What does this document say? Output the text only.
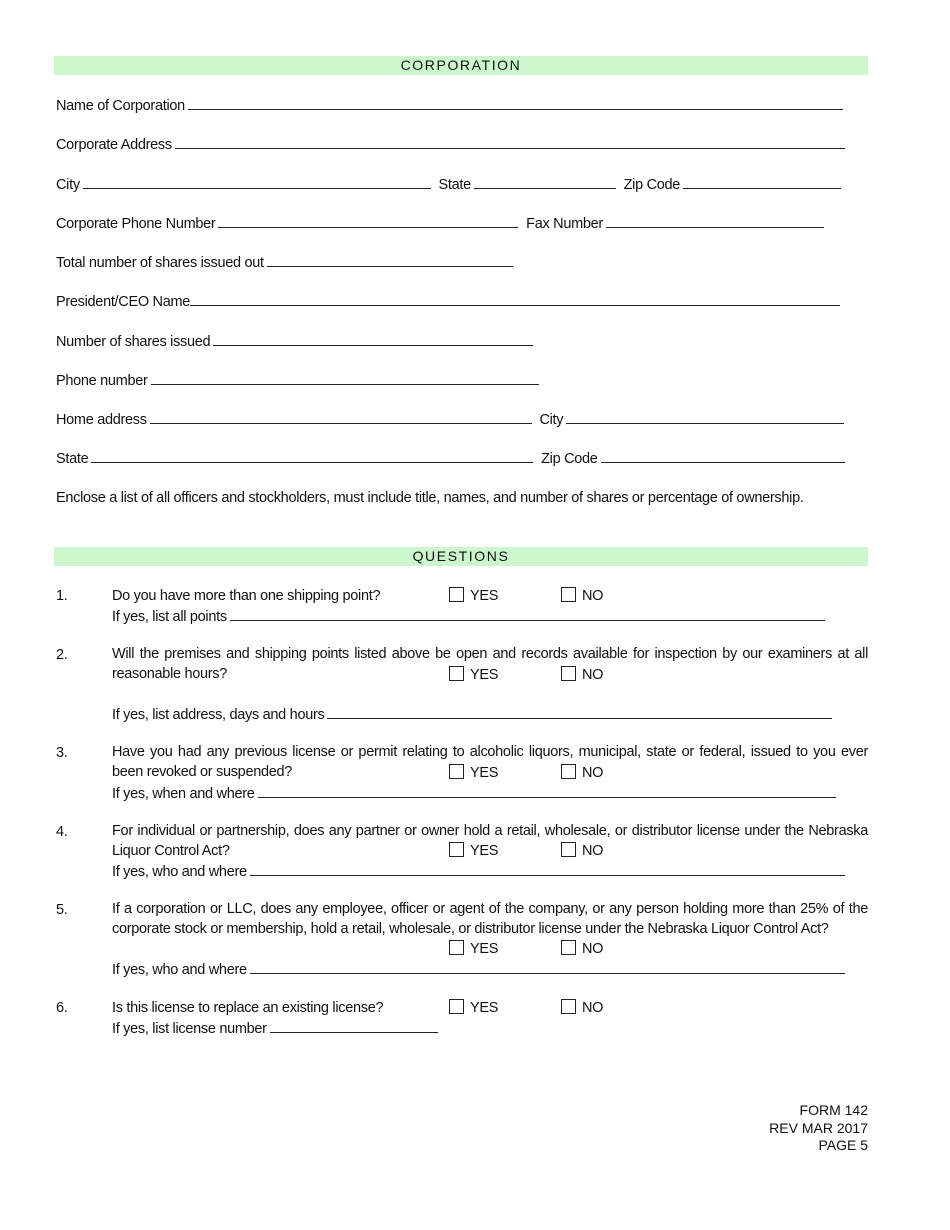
CORPORATION
Name of Corporation
Corporate Address
City	State	Zip Code
Corporate Phone Number	Fax Number
Total number of shares issued out
President/CEO Name
Number of shares issued
Phone number
Home address	City
State	Zip Code
Enclose a list of all officers and stockholders, must include title, names, and number of shares or percentage of ownership.
QUESTIONS
1.	Do you have more than one shipping point?	YES	NO
If yes, list all points
2.	Will the premises and shipping points listed above be open and records available for inspection by our examiners at all reasonable hours?	YES	NO
If yes, list address, days and hours
3.	Have you had any previous license or permit relating to alcoholic liquors, municipal, state or federal, issued to you ever been revoked or suspended?	YES	NO
If yes, when and where
4.	For individual or partnership, does any partner or owner hold a retail, wholesale, or distributor license under the Nebraska Liquor Control Act?	YES	NO
If yes, who and where
5.	If a corporation or LLC, does any employee, officer or agent of the company, or any person holding more than 25% of the corporate stock or membership, hold a retail, wholesale, or distributor license under the Nebraska Liquor Control Act?
YES	NO
If yes, who and where
6.	Is this license to replace an existing license?	YES	NO
If yes, list license number
FORM 142
REV MAR 2017
PAGE 5
